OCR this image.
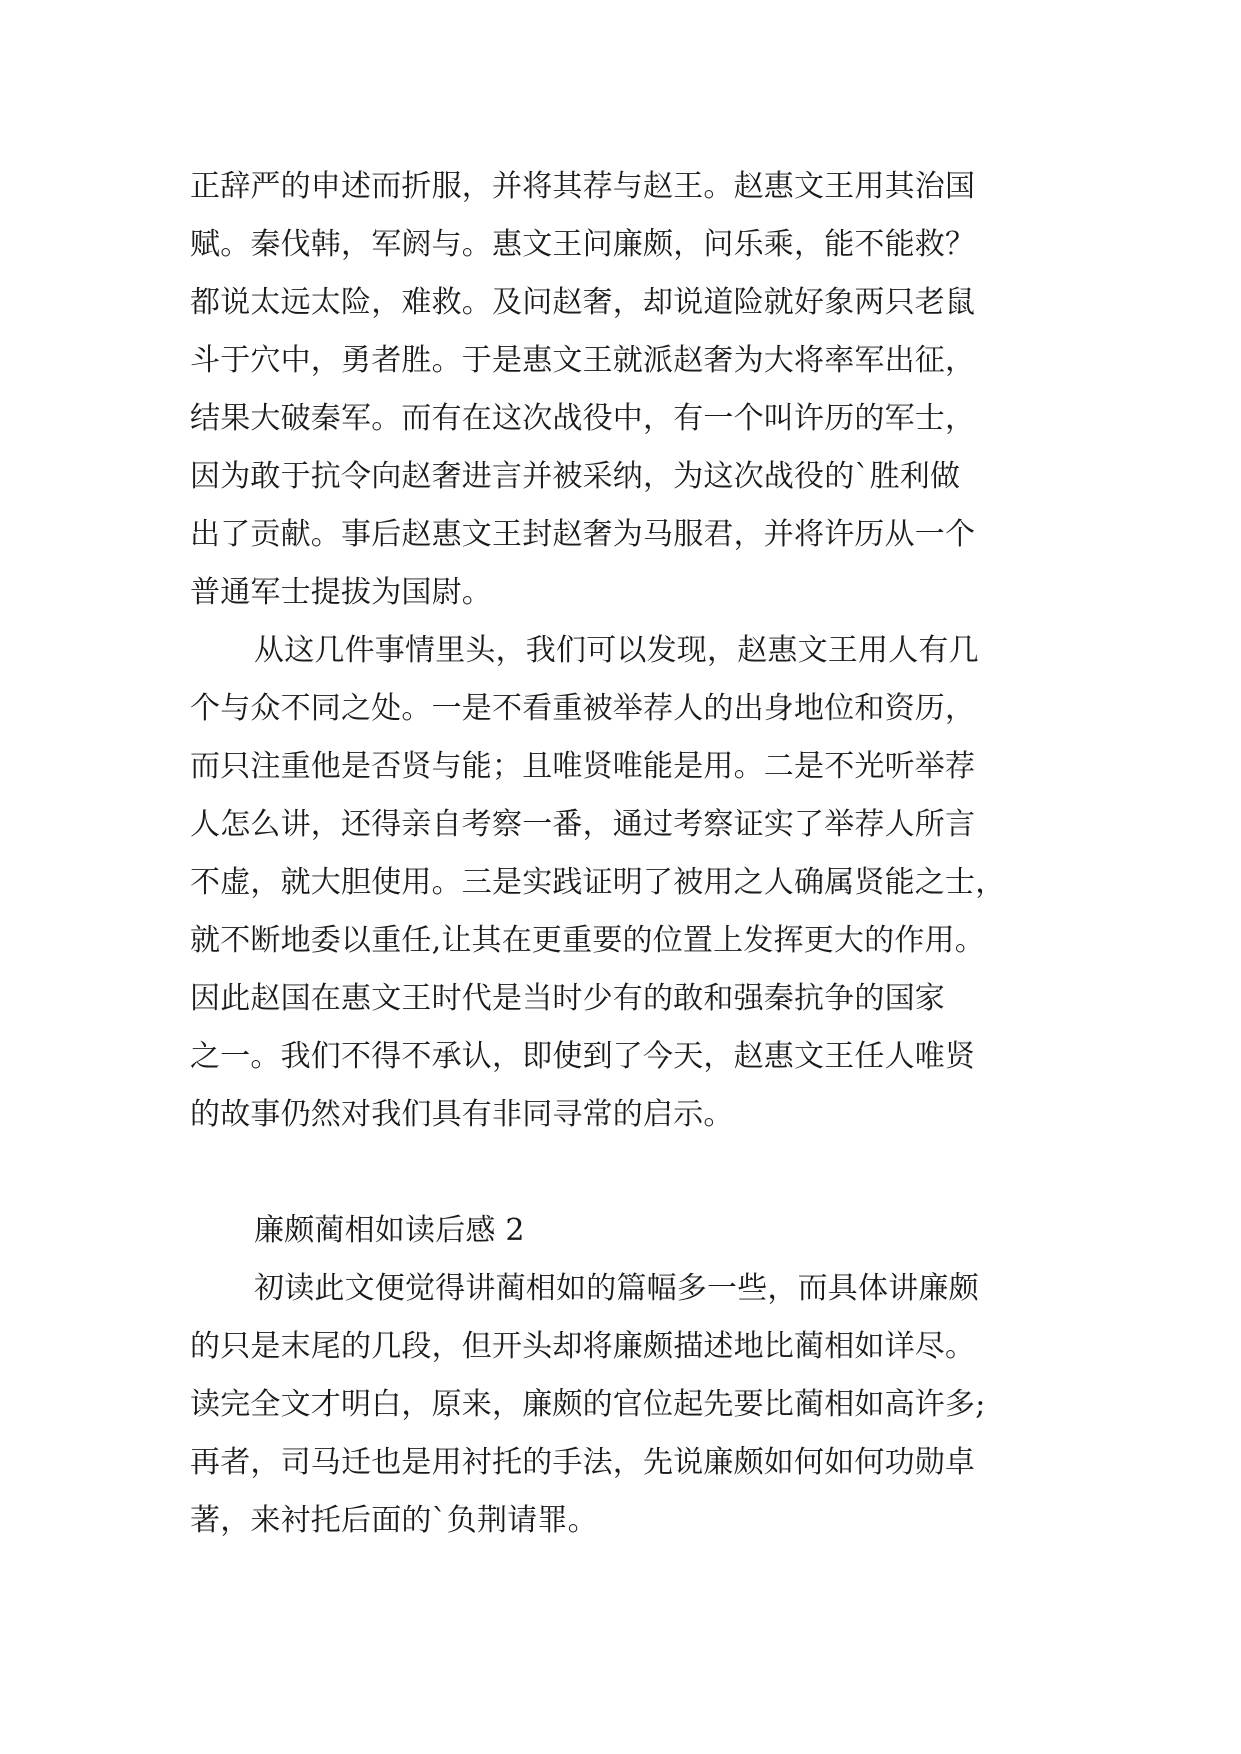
正辞严的申述而折服，并将其荐与赵王。赵惠文王用其治国
赋。秦伐韩，军阏与。惠文王问廉颇，问乐乘，能不能救？
都说太远太险，难救。及问赵奢，却说道险就好象两只老鼠
斗于穴中，勇者胜。于是惠文王就派赵奢为大将率军出征，
结果大破秦军。而有在这次战役中，有一个叫许历的军士，
因为敢于抗令向赵奢进言并被采纳，为这次战役的`胜利做
出了贡献。事后赵惠文王封赵奢为马服君，并将许历从一个
普通军士提拔为国尉。
从这几件事情里头，我们可以发现，赵惠文王用人有几
个与众不同之处。一是不看重被举荐人的出身地位和资历，
而只注重他是否贤与能；且唯贤唯能是用。二是不光听举荐
人怎么讲，还得亲自考察一番，通过考察证实了举荐人所言
不虚，就大胆使用。三是实践证明了被用之人确属贤能之士，
就不断地委以重任,让其在更重要的位置上发挥更大的作用。
因此赵国在惠文王时代是当时少有的敢和强秦抗争的国家
之一。我们不得不承认，即使到了今天，赵惠文王任人唯贤
的故事仍然对我们具有非同寻常的启示。
廉颇蔺相如读后感 2
初读此文便觉得讲蔺相如的篇幅多一些，而具体讲廉颇
的只是末尾的几段，但开头却将廉颇描述地比蔺相如详尽。
读完全文才明白，原来，廉颇的官位起先要比蔺相如高许多;
再者，司马迁也是用衬托的手法，先说廉颇如何如何功勋卓
著，来衬托后面的`负荆请罪。
